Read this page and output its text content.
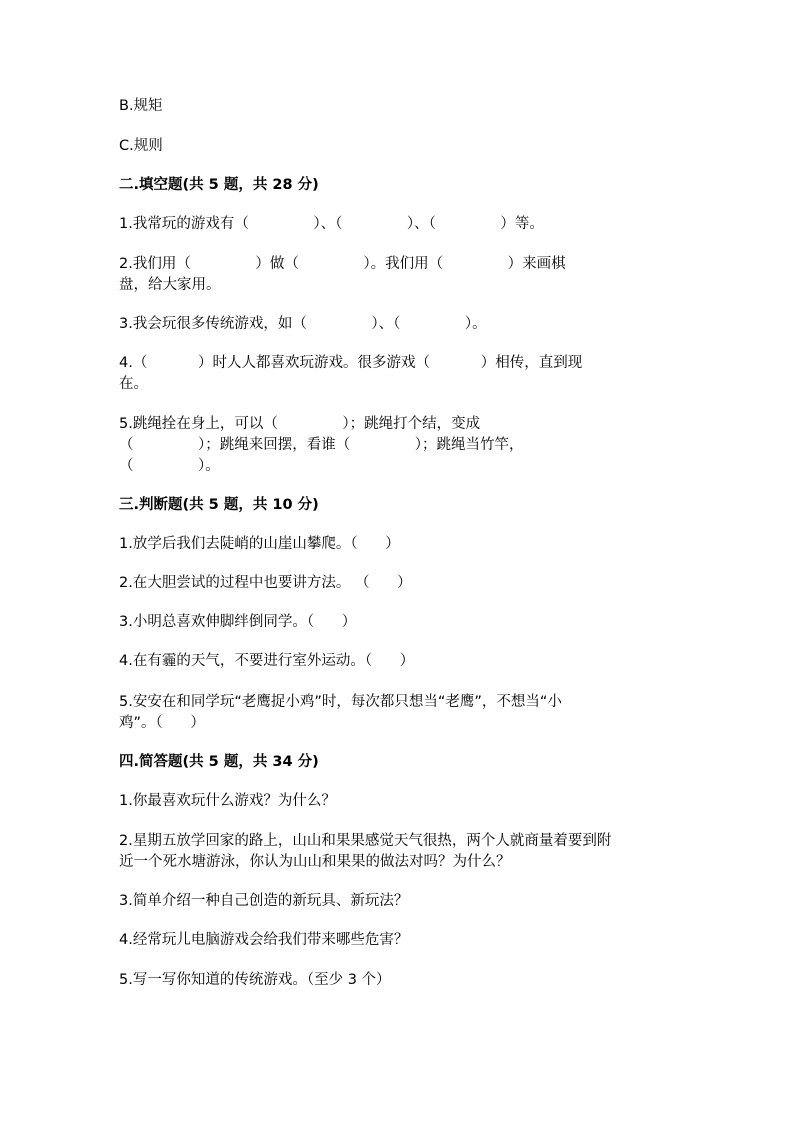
B.规矩
C.规则
二.填空题(共 5 题，共 28 分)
1.我常玩的游戏有（              ）、（              ）、（              ）等。
2.我们用（              ）做（              ）。我们用（              ）来画棋
盘，给大家用。
3.我会玩很多传统游戏，如（              ）、（              ）。
4.（           ）时人人都喜欢玩游戏。很多游戏（           ）相传，直到现
在。
5.跳绳拴在身上，可以（              ）；跳绳打个结，变成
（              ）；跳绳来回摆，看谁（              ）；跳绳当竹竿，
（              ）。
三.判断题(共 5 题，共 10 分)
1.放学后我们去陡峭的山崖山攀爬。（      ）
2.在大胆尝试的过程中也要讲方法。 （      ）
3.小明总喜欢伸脚绊倒同学。（      ）
4.在有霾的天气，不要进行室外运动。（      ）
5.安安在和同学玩“老鹰捉小鸡”时，每次都只想当“老鹰”，不想当“小
鸡”。（      ）
四.简答题(共 5 题，共 34 分)
1.你最喜欢玩什么游戏？为什么？
2.星期五放学回家的路上，山山和果果感觉天气很热，两个人就商量着要到附
近一个死水塘游泳，你认为山山和果果的做法对吗？为什么？
3.简单介绍一种自己创造的新玩具、新玩法？
4.经常玩儿电脑游戏会给我们带来哪些危害？
5.写一写你知道的传统游戏。（至少 3 个）
